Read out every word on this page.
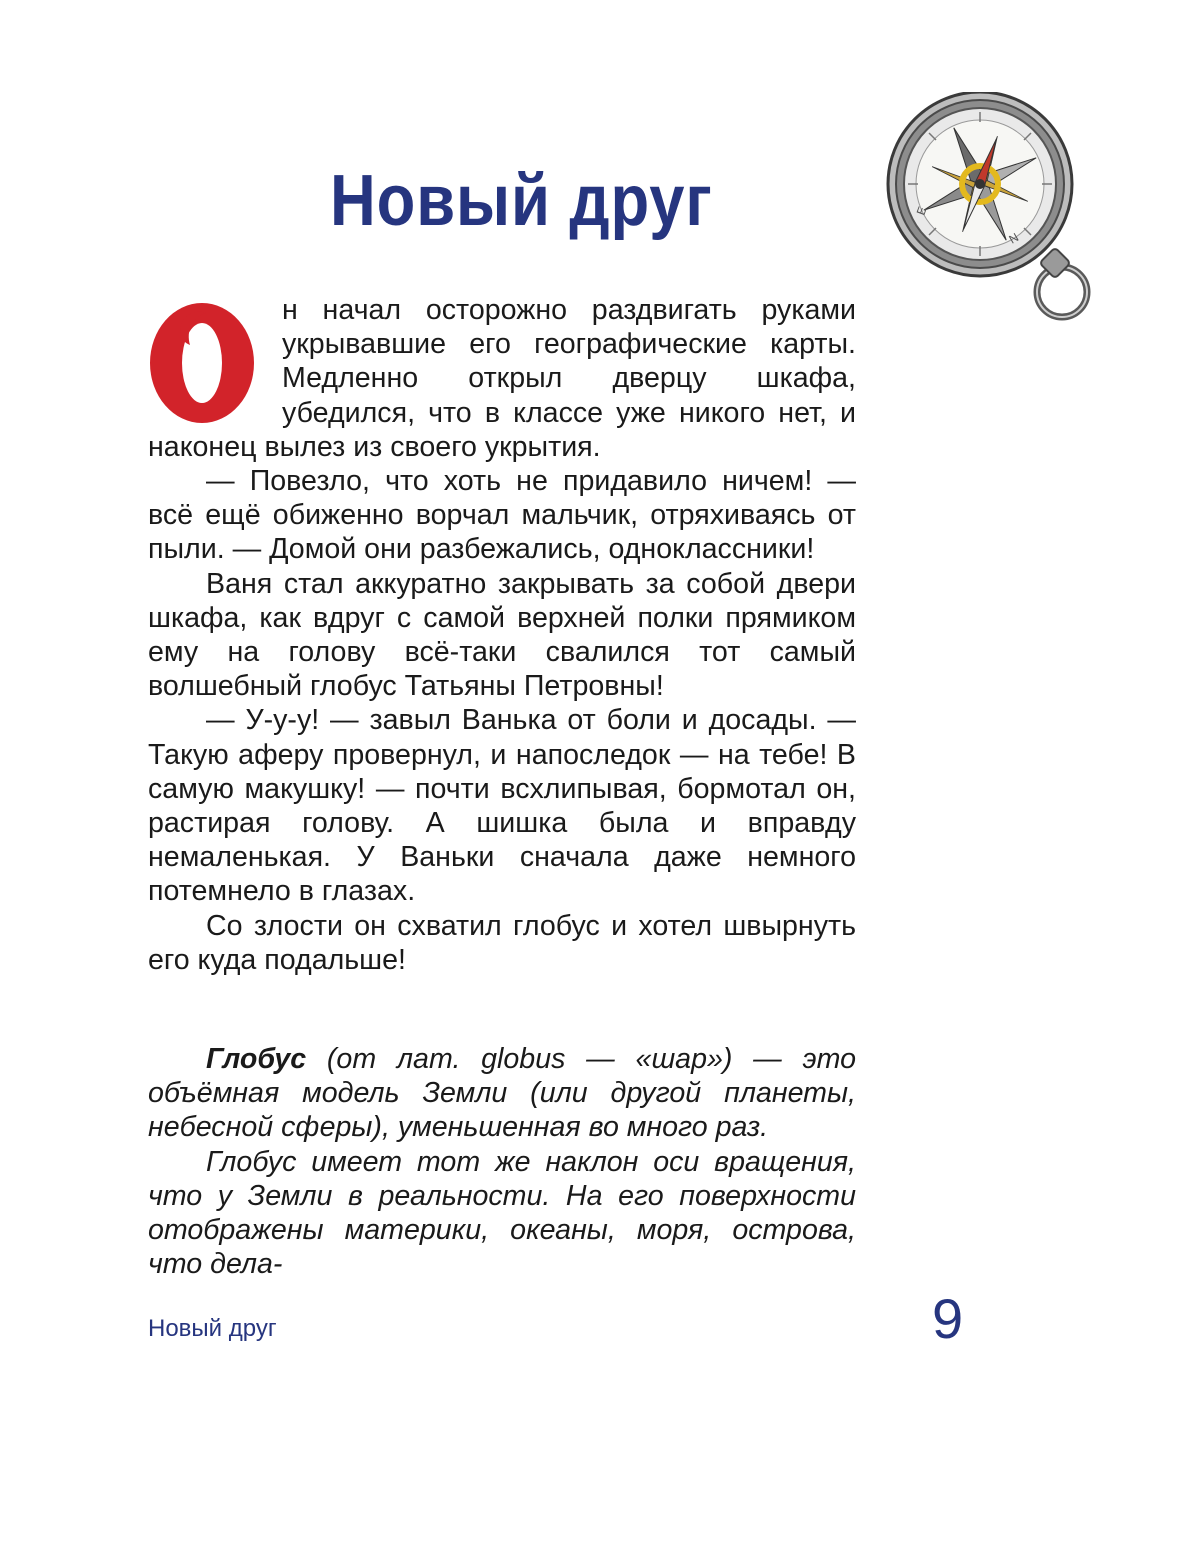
Новый друг	E
N

н начал осторожно раздвигать руками укрывавшие его географические карты. Медленно открыл дверцу шкафа, убедился, что в классе уже никого нет, и наконец вылез из своего укрытия.

— Повезло, что хоть не придавило ничем! — всё ещё обиженно ворчал мальчик, отряхиваясь от пыли. — Домой они разбежались, одноклассники!

Ваня стал аккуратно закрывать за собой двери шкафа, как вдруг с самой верхней полки прямиком ему на голову всё-таки свалился тот самый волшебный глобус Татьяны Петровны!

— У-у-у! — завыл Ванька от боли и досады. — Такую аферу провернул, и напоследок — на тебе! В самую макушку! — почти всхлипывая, бормотал он, растирая голову. А шишка была и вправду немаленькая. У Ваньки сначала даже немного потемнело в глазах.

Со злости он схватил глобус и хотел швырнуть его куда подальше!

Глобус (от лат. globus — «шар») — это объёмная модель Земли (или другой планеты, небесной сферы), уменьшенная во много раз.

Глобус имеет тот же наклон оси вращения, что у Земли в реальности. На его поверхности отображены материки, океаны, моря, острова, что дела-

Новый друг	9
